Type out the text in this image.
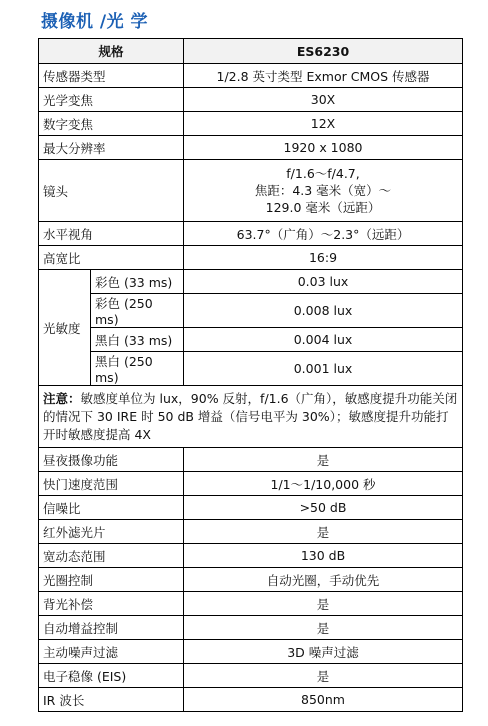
摄像机 /光 学
规格		ES6230
传感器类型		1/2.8 英寸类型 Exmor CMOS 传感器
光学变焦		30X
数字变焦		12X
最大分辨率		1920 x 1080
镜头		f/1.6～f/4.7,
焦距：4.3 毫米（宽）～
129.0 毫米（远距）

水平视角		63.7°（广角）～2.3°（远距）
高宽比		16:9
光敏度	彩色 (33 ms)	0.03 lux
	彩色 (250 ms)	0.008 lux
	黑白 (33 ms)	0.004 lux
	黑白 (250 ms)	0.001 lux
注意：敏感度单位为 lux，90% 反射，f/1.6（广角），敏感度提升功能关闭的情况下 30 IRE 时 50 dB 增益（信号电平为 30%）；敏感度提升功能打开时敏感度提高 4X		
昼夜摄像功能		是
快门速度范围		1/1～1/10,000 秒
信噪比		>50 dB
红外滤光片		是
宽动态范围		130 dB
光圈控制		自动光圈，手动优先
背光补偿		是
自动增益控制		是
主动噪声过滤		3D 噪声过滤
电子稳像 (EIS)		是
IR 波长		850nm
